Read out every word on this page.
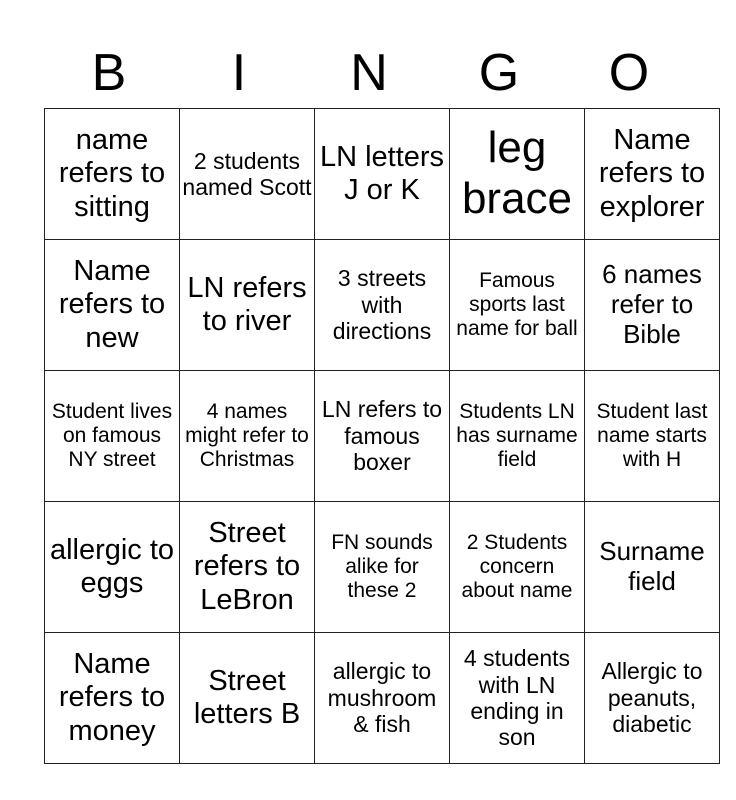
B	I	N	G	O
name refers to sitting	2 students named Scott	LN letters J or K	leg brace	Name refers to explorer
Name refers to new	LN refers to river	3 streets with directions	Famous sports last name for ball	6 names refer to Bible
Student lives on famous NY street	4 names might refer to Christmas	LN refers to famous boxer	Students LN has surname field	Student last name starts with H
allergic to eggs	Street refers to LeBron	FN sounds alike for these 2	2 Students concern about name	Surname field
Name refers to money	Street letters B	allergic to mushroom & fish	4 students with LN ending in son	Allergic to peanuts, diabetic
